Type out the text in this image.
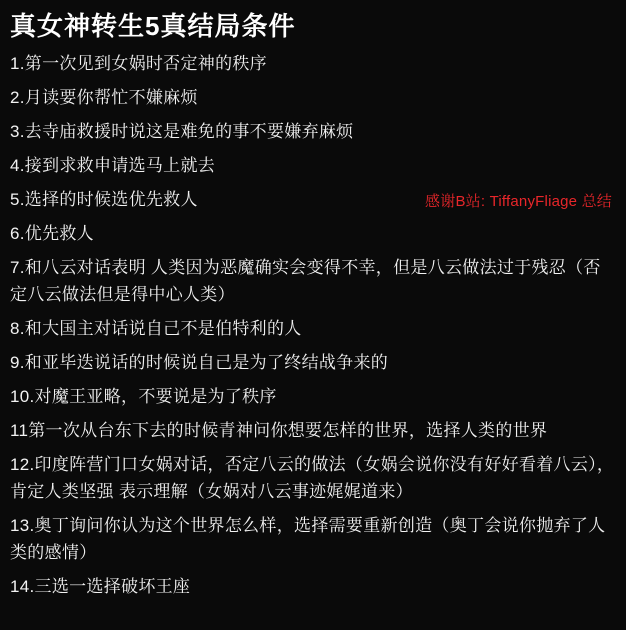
真女神转生5真结局条件
感谢B站: TiffanyFliage 总结
1.第一次见到女娲时否定神的秩序
2.月读要你帮忙不嫌麻烦
3.去寺庙救援时说这是难免的事不要嫌弃麻烦
4.接到求救申请选马上就去
5.选择的时候选优先救人
6.优先救人
7.和八云对话表明 人类因为恶魔确实会变得不幸，但是八云做法过于残忍（否定八云做法但是得中心人类）
8.和大国主对话说自己不是伯特利的人
9.和亚毕迭说话的时候说自己是为了终结战争来的
10.对魔王亚略，不要说是为了秩序
11第一次从台东下去的时候青神问你想要怎样的世界，选择人类的世界
12.印度阵营门口女娲对话，否定八云的做法（女娲会说你没有好好看着八云），肯定人类坚强 表示理解（女娲对八云事迹娓娓道来）
13.奥丁询问你认为这个世界怎么样，选择需要重新创造（奥丁会说你抛弃了人类的感情）
14.三选一选择破坏王座
